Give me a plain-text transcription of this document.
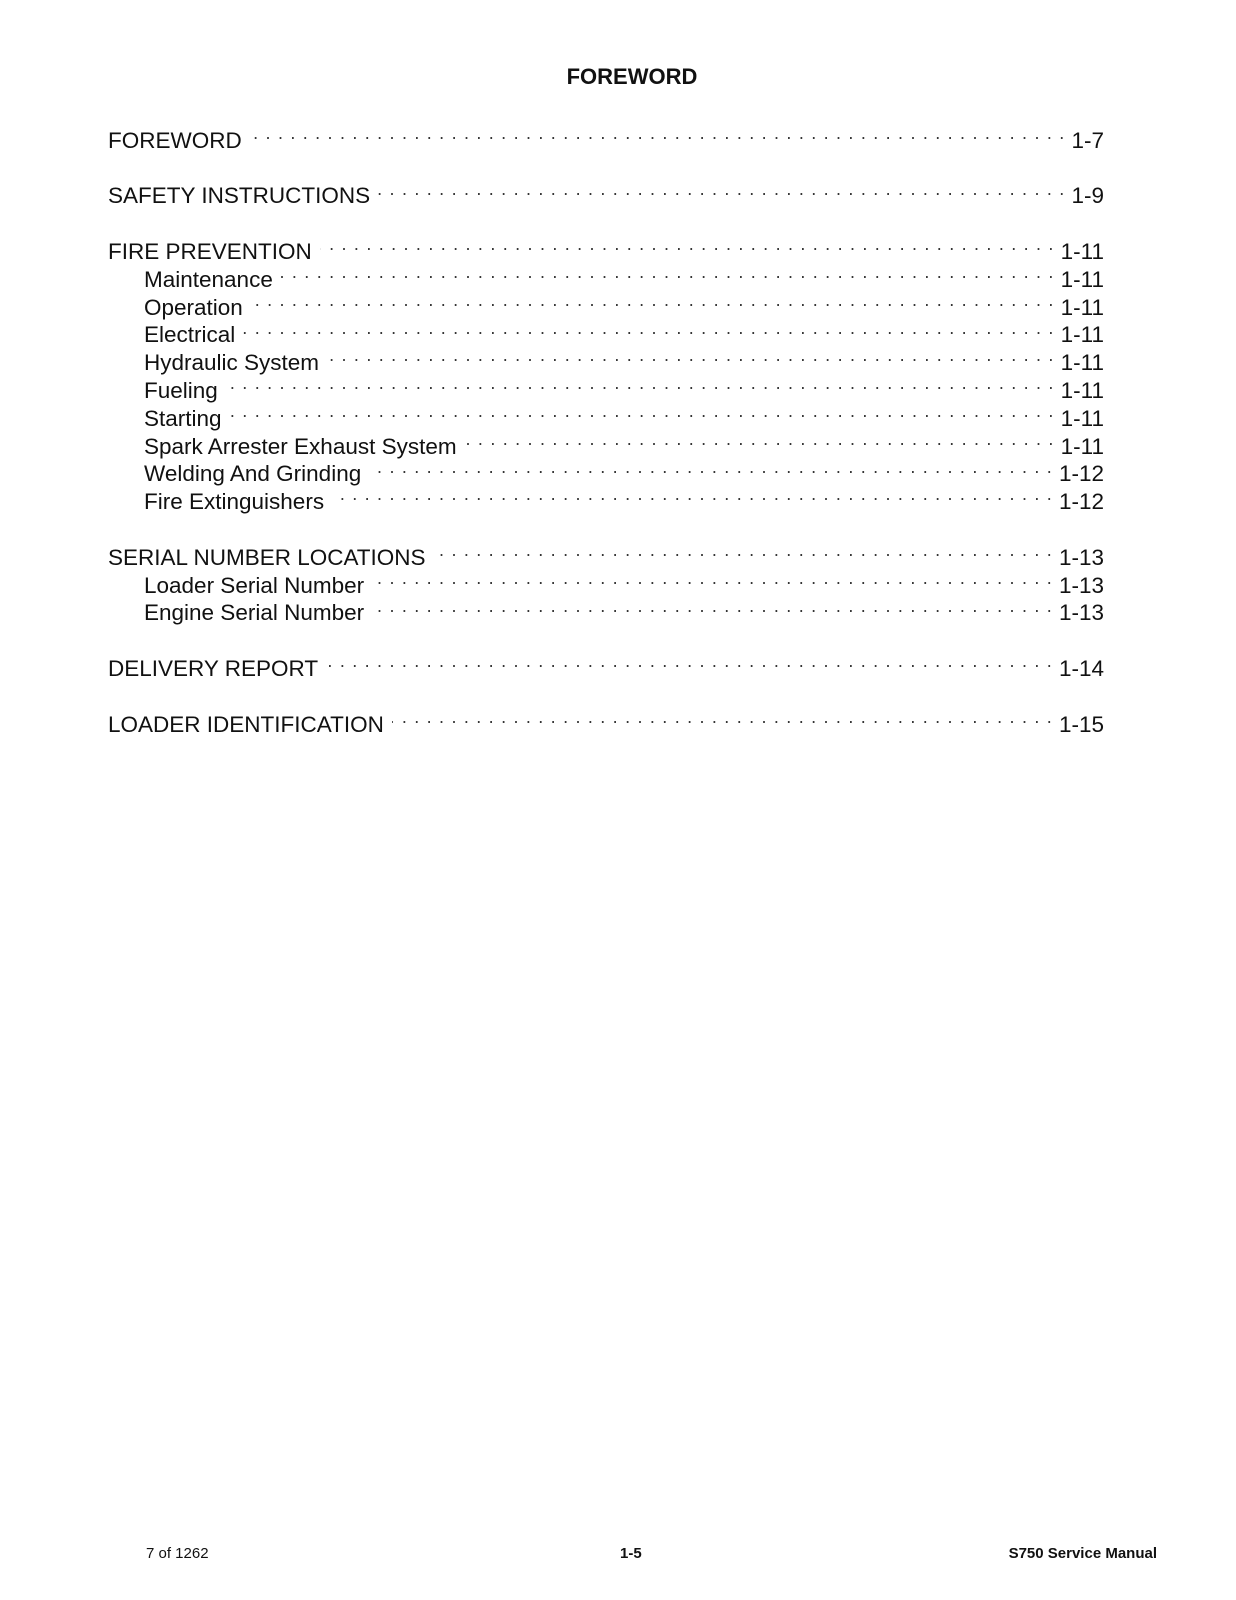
FOREWORD
FOREWORD . . .	1-7
SAFETY INSTRUCTIONS . . .	1-9
FIRE PREVENTION . . .	1-11
Maintenance . . .	1-11
Operation . . .	1-11
Electrical . . .	1-11
Hydraulic System . . .	1-11
Fueling . . .	1-11
Starting . . .	1-11
Spark Arrester Exhaust System . . .	1-11
Welding And Grinding . . .	1-12
Fire Extinguishers . . .	1-12
SERIAL NUMBER LOCATIONS . . .	1-13
Loader Serial Number . . .	1-13
Engine Serial Number . . .	1-13
DELIVERY REPORT . . .	1-14
LOADER IDENTIFICATION . . .	1-15
7 of 1262	1-5	S750 Service Manual
